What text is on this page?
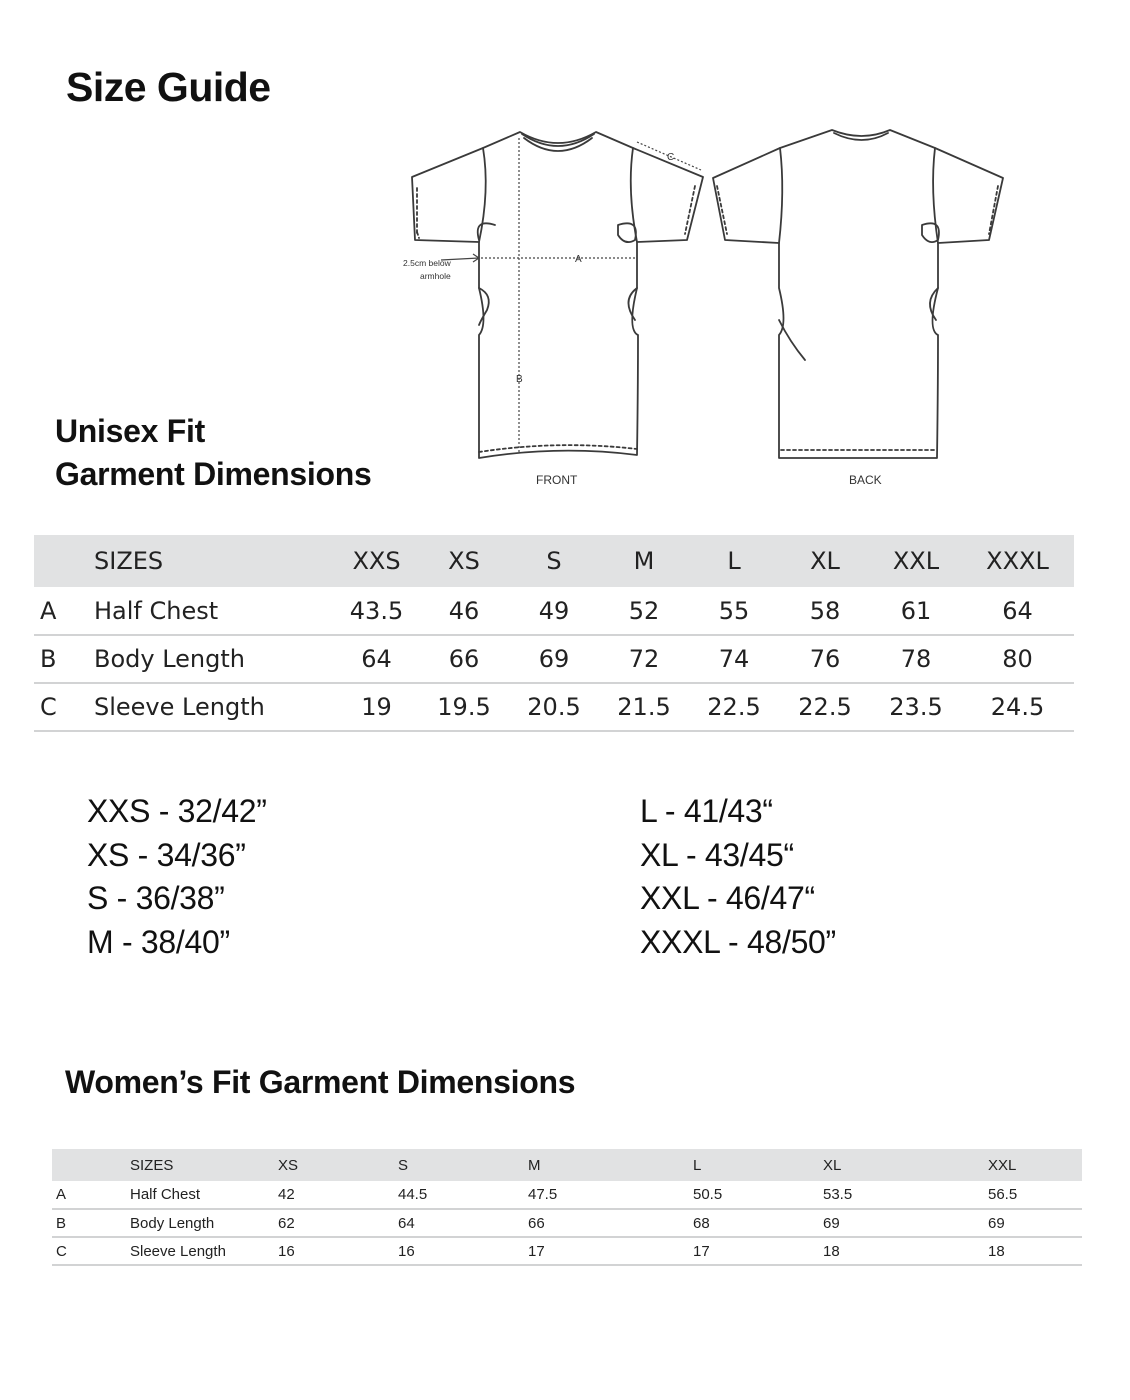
Size Guide
A
B
C
2.5cm below
armhole
FRONT	BACK
Unisex Fit
Garment Dimensions
	SIZES	XXS	XS	S	M	L	XL	XXL	XXXL
A	Half Chest	43.5	46	49	52	55	58	61	64
B	Body Length	64	66	69	72	74	76	78	80
C	Sleeve Length	19	19.5	20.5	21.5	22.5	22.5	23.5	24.5
XXS - 32/42”
XS - 34/36”
S - 36/38”
M - 38/40”
L - 41/43“
XL - 43/45“
XXL - 46/47“
XXXL - 48/50”
Women’s Fit Garment Dimensions
	SIZES	XS	S	M	L	XL	XXL
A	Half Chest	42	44.5	47.5	50.5	53.5	56.5
B	Body Length	62	64	66	68	69	69
C	Sleeve Length	16	16	17	17	18	18
